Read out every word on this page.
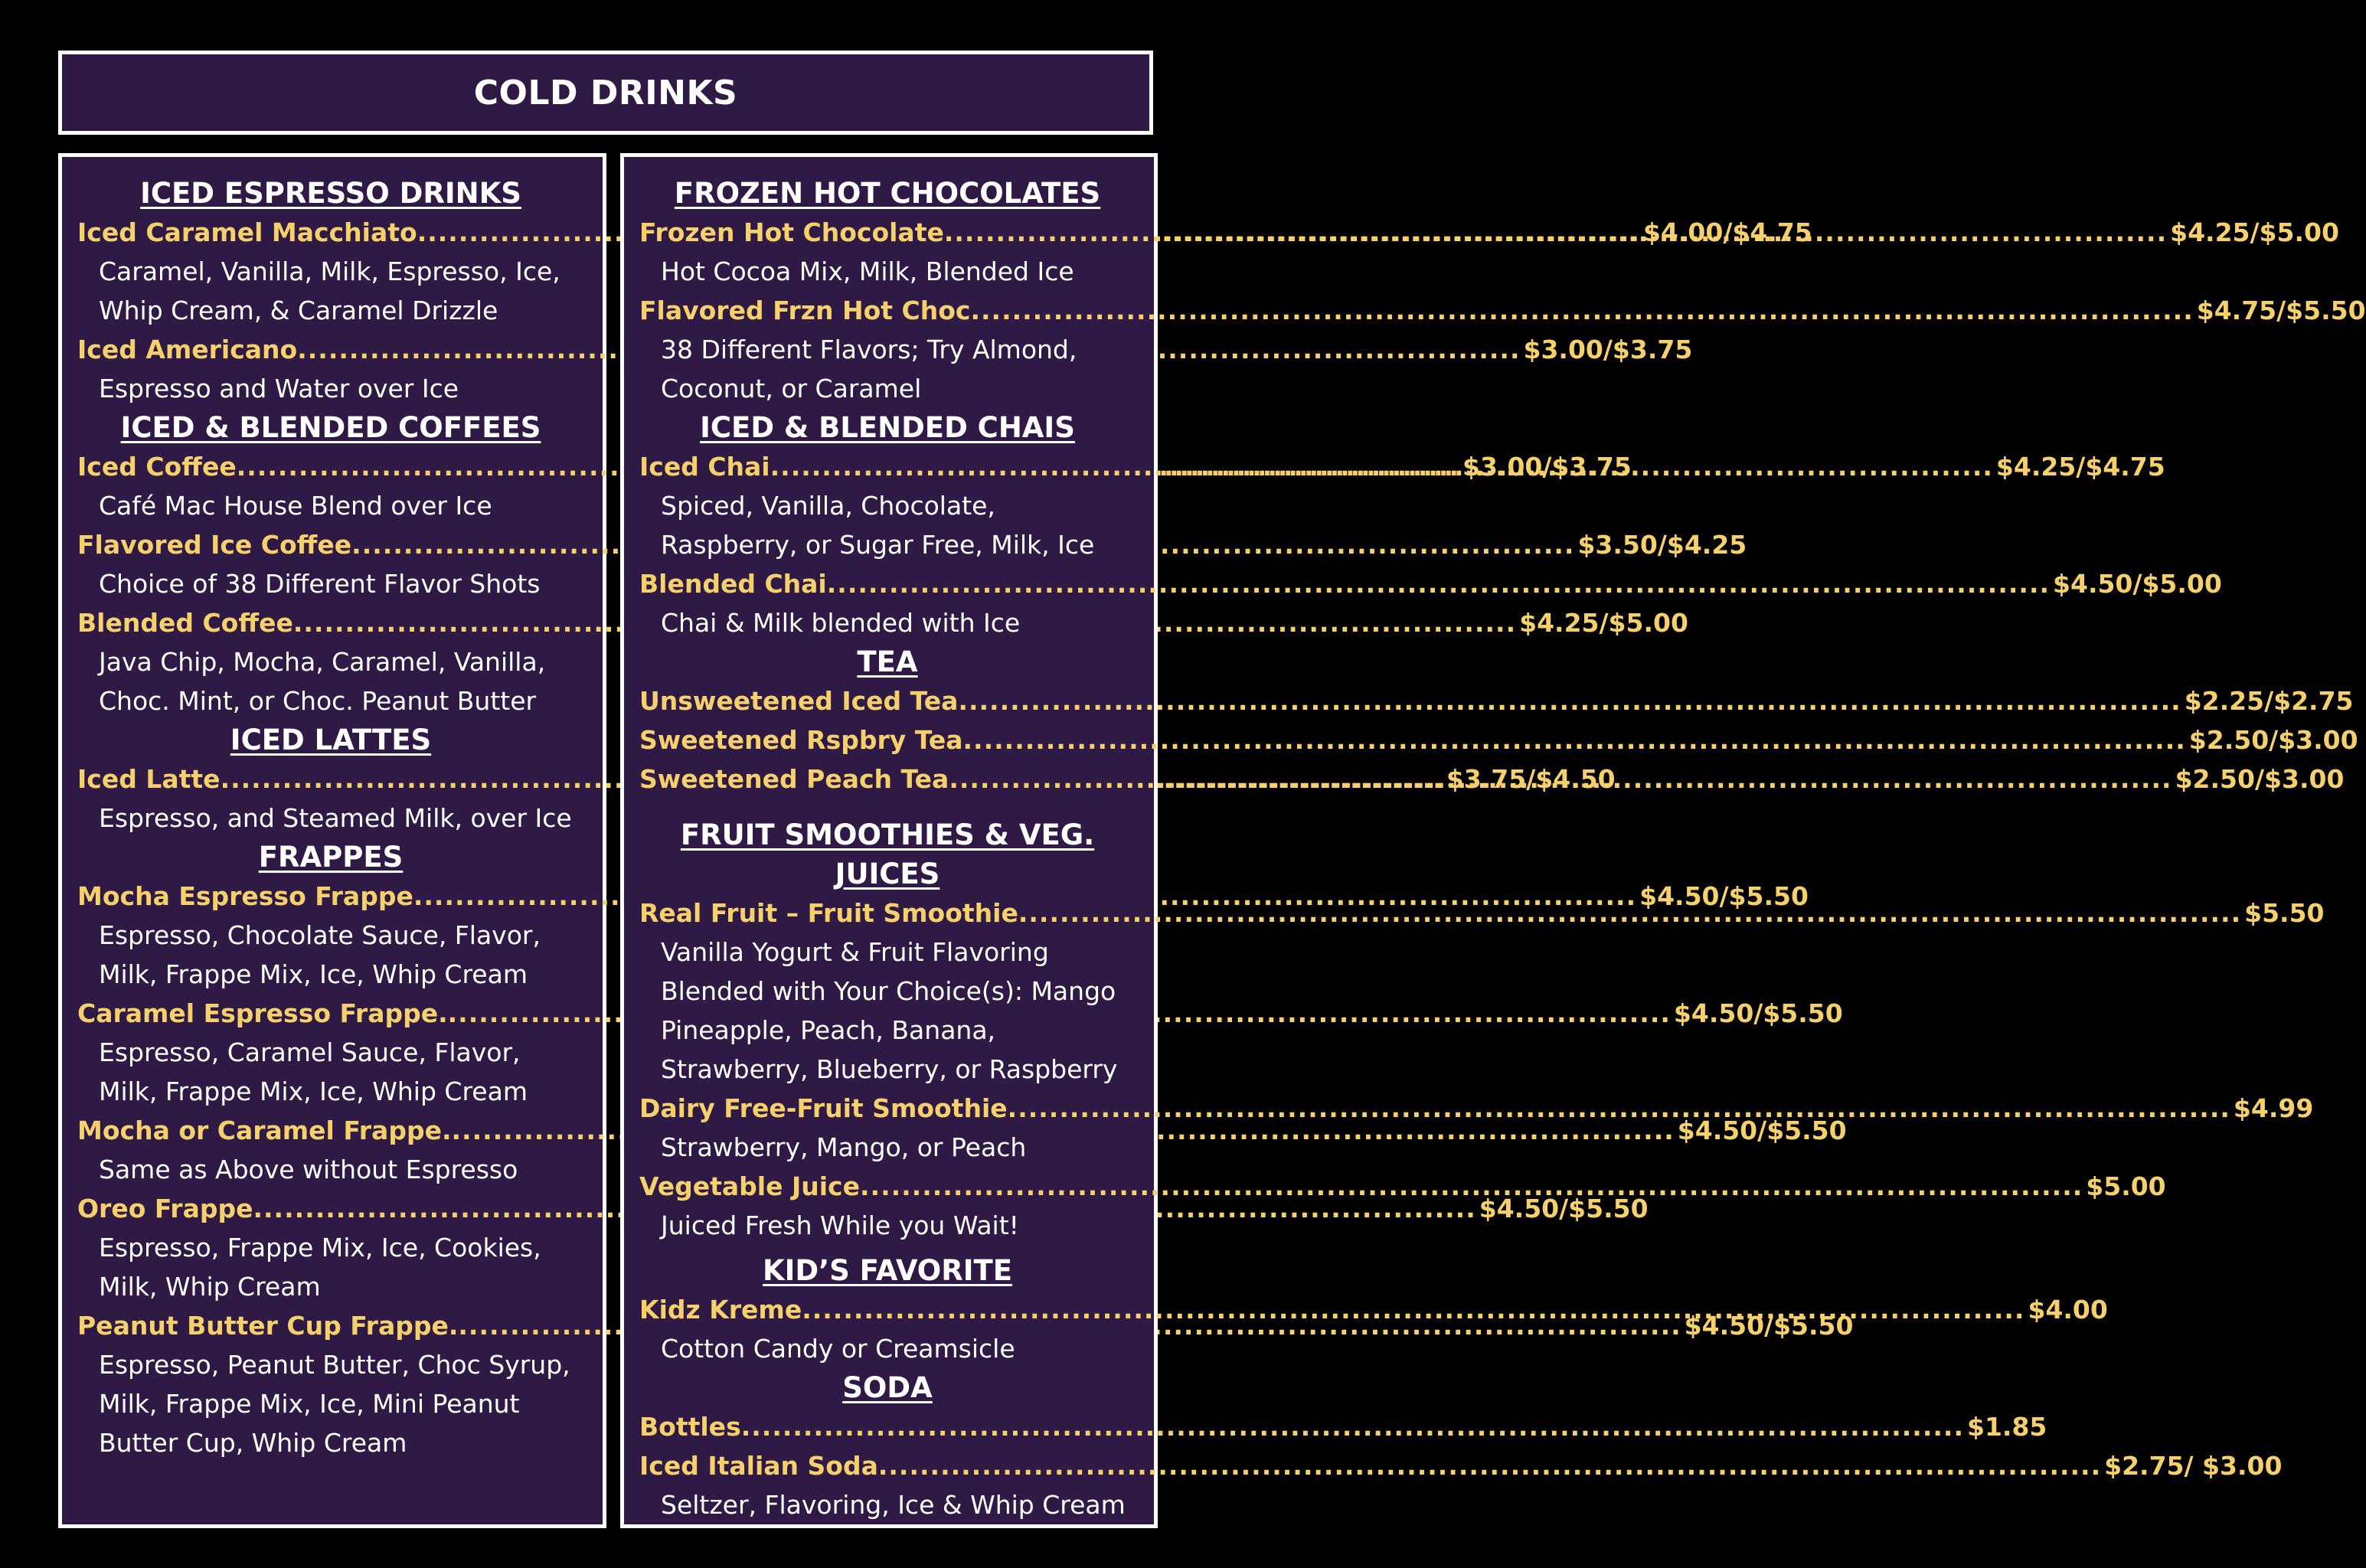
COLD DRINKS
ICED ESPRESSO DRINKS
Iced Caramel Macchiato .....	$4.00/$4.75
Caramel, Vanilla, Milk, Espresso, Ice,
Whip Cream, & Caramel Drizzle
Iced Americano .....	$3.00/$3.75
Espresso and Water over Ice
ICED & BLENDED COFFEES
Iced Coffee .....	$3.00/$3.75
Café Mac House Blend over Ice
Flavored Ice Coffee .....	$3.50/$4.25
Choice of 38 Different Flavor Shots
Blended Coffee .....	$4.25/$5.00
Java Chip, Mocha, Caramel, Vanilla,
Choc. Mint, or Choc. Peanut Butter
ICED LATTES
Iced Latte .....	$3.75/$4.50
Espresso, and Steamed Milk, over Ice
FRAPPES
Mocha Espresso Frappe .....	$4.50/$5.50
Espresso, Chocolate Sauce, Flavor,
Milk, Frappe Mix, Ice, Whip Cream
Caramel Espresso Frappe. .....	$4.50/$5.50
Espresso, Caramel Sauce, Flavor,
Milk, Frappe Mix, Ice, Whip Cream
Mocha or Caramel Frappe. .....	$4.50/$5.50
Same as Above without Espresso
Oreo Frappe .....	$4.50/$5.50
Espresso, Frappe Mix, Ice, Cookies,
Milk, Whip Cream
Peanut Butter Cup Frappe. .....	$4.50/$5.50
Espresso, Peanut Butter, Choc Syrup,
Milk, Frappe Mix, Ice, Mini Peanut
Butter Cup, Whip Cream
FROZEN HOT CHOCOLATES
Frozen Hot Chocolate .....	$4.25/$5.00
Hot Cocoa Mix, Milk, Blended Ice
Flavored Frzn Hot Choc .....	$4.75/$5.50
38 Different Flavors; Try Almond,
Coconut, or Caramel
ICED & BLENDED CHAIS
Iced Chai .....	$4.25/$4.75
Spiced, Vanilla, Chocolate,
Raspberry, or Sugar Free, Milk, Ice
Blended Chai .....	$4.50/$5.00
Chai & Milk blended with Ice
TEA
Unsweetened Iced Tea .....	$2.25/$2.75
Sweetened Rspbry Tea .....	$2.50/$3.00
Sweetened Peach Tea .....	$2.50/$3.00
FRUIT SMOOTHIES & VEG. JUICES
Real Fruit – Fruit Smoothie .....	$5.50
Vanilla Yogurt & Fruit Flavoring
Blended with Your Choice(s): Mango
Pineapple, Peach, Banana,
Strawberry, Blueberry, or Raspberry
Dairy Free-Fruit Smoothie .....	$4.99
Strawberry, Mango, or Peach
Vegetable Juice .....	$5.00
Juiced Fresh While you Wait!
KID’S FAVORITE
Kidz Kreme .....	$4.00
Cotton Candy or Creamsicle
SODA
Bottles .....	$1.85
Iced Italian Soda .....	$2.75/ $3.00
Seltzer, Flavoring, Ice & Whip Cream
